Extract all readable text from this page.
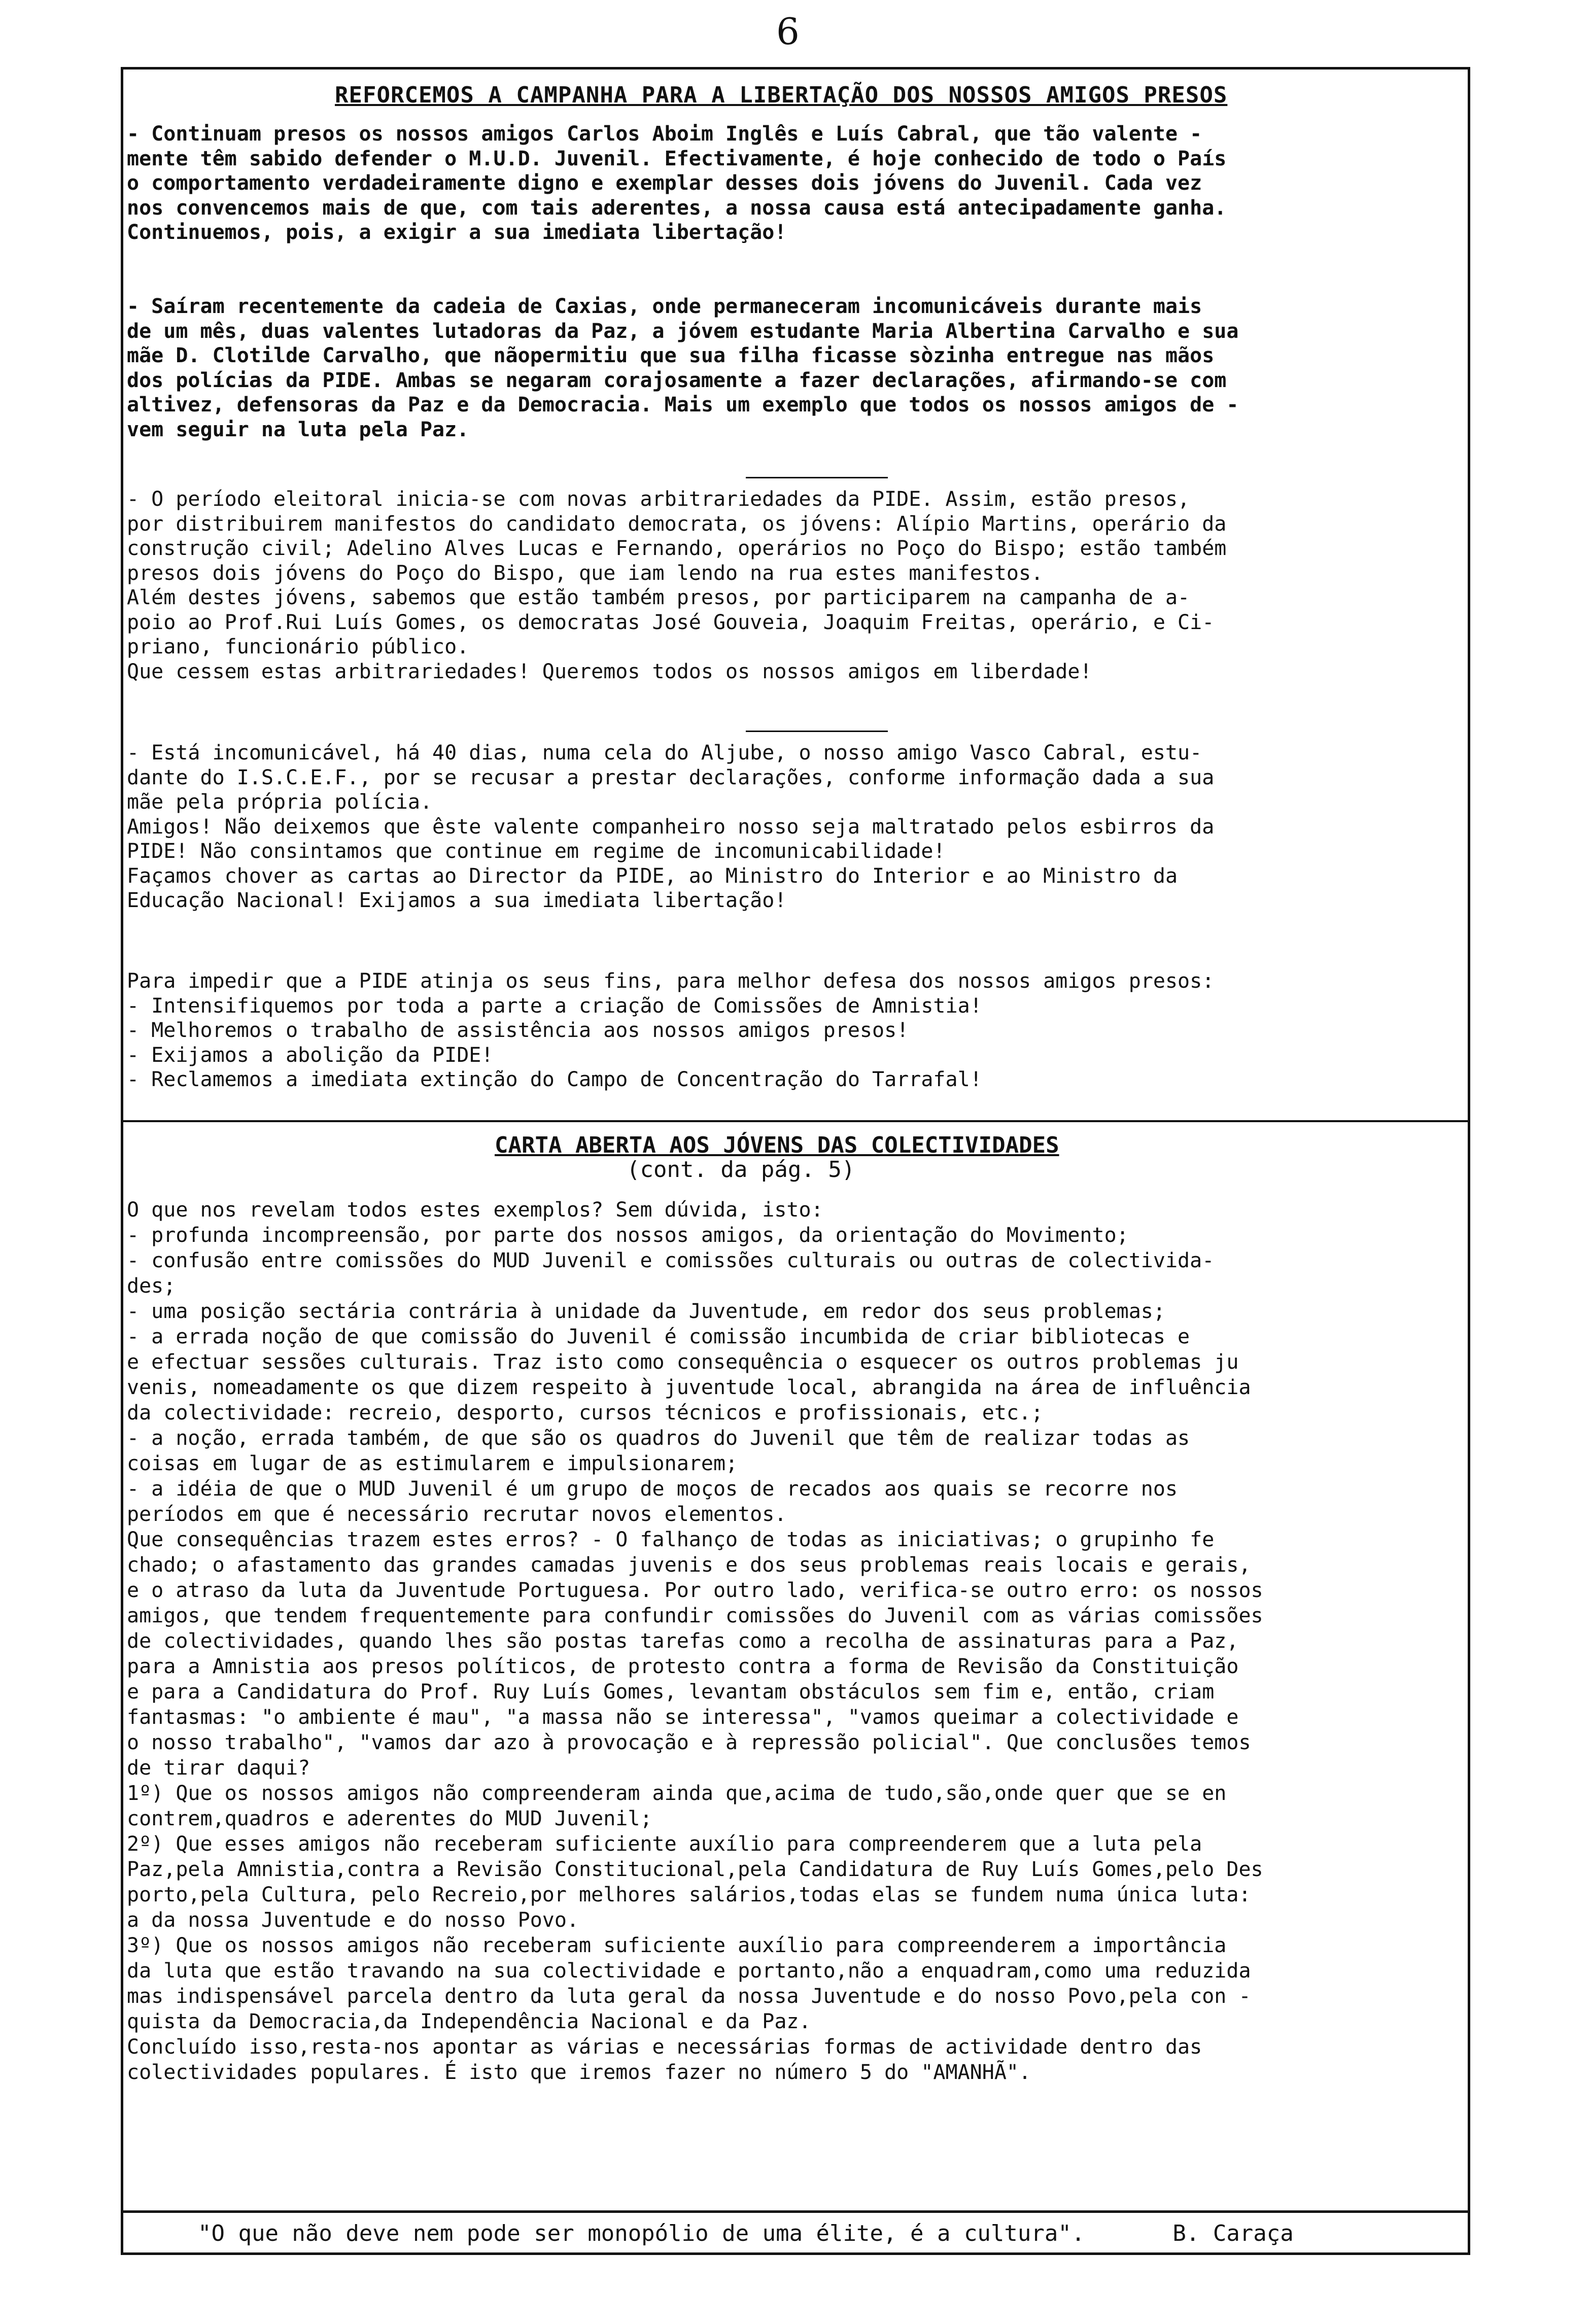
6
REFORCEMOS A CAMPANHA PARA A LIBERTAÇÃO DOS NOSSOS AMIGOS PRESOS

- Continuam presos os nossos amigos Carlos Aboim Inglês e Luís Cabral, que tão valente -

mente têm sabido defender o M.U.D. Juvenil. Efectivamente, é hoje conhecido de todo o País

o comportamento verdadeiramente digno e exemplar desses dois jóvens do Juvenil. Cada vez

nos convencemos mais de que, com tais aderentes, a nossa causa está antecipadamente ganha.

Continuemos, pois, a exigir a sua imediata libertação!

- Saíram recentemente da cadeia de Caxias, onde permaneceram incomunicáveis durante mais

de um mês, duas valentes lutadoras da Paz, a jóvem estudante Maria Albertina Carvalho e sua

mãe D. Clotilde Carvalho, que nãopermitiu que sua filha ficasse sòzinha entregue nas mãos

dos polícias da PIDE. Ambas se negaram corajosamente a fazer declarações, afirmando-se com

altivez, defensoras da Paz e da Democracia. Mais um exemplo que todos os nossos amigos de -

vem seguir na luta pela Paz.

- O período eleitoral inicia-se com novas arbitrariedades da PIDE. Assim, estão presos,

por distribuirem manifestos do candidato democrata, os jóvens: Alípio Martins, operário da

construção civil; Adelino Alves Lucas e Fernando, operários no Poço do Bispo; estão também

presos dois jóvens do Poço do Bispo, que iam lendo na rua estes manifestos.

Além destes jóvens, sabemos que estão também presos, por participarem na campanha de a-

poio ao Prof.Rui Luís Gomes, os democratas José Gouveia, Joaquim Freitas, operário, e Ci-

priano, funcionário público.

Que cessem estas arbitrariedades! Queremos todos os nossos amigos em liberdade!

- Está incomunicável, há 40 dias, numa cela do Aljube, o nosso amigo Vasco Cabral, estu-

dante do I.S.C.E.F., por se recusar a prestar declarações, conforme informação dada a sua

mãe pela própria polícia.

Amigos! Não deixemos que êste valente companheiro nosso seja maltratado pelos esbirros da

PIDE! Não consintamos que continue em regime de incomunicabilidade!

Façamos chover as cartas ao Director da PIDE, ao Ministro do Interior e ao Ministro da

Educação Nacional! Exijamos a sua imediata libertação!

Para impedir que a PIDE atinja os seus fins, para melhor defesa dos nossos amigos presos:

- Intensifiquemos por toda a parte a criação de Comissões de Amnistia!

- Melhoremos o trabalho de assistência aos nossos amigos presos!

- Exijamos a abolição da PIDE!

- Reclamemos a imediata extinção do Campo de Concentração do Tarrafal!

CARTA ABERTA AOS JÓVENS DAS COLECTIVIDADES
(cont. da pág. 5)

O que nos revelam todos estes exemplos? Sem dúvida, isto:

- profunda incompreensão, por parte dos nossos amigos, da orientação do Movimento;

- confusão entre comissões do MUD Juvenil e comissões culturais ou outras de colectivida-

des;

- uma posição sectária contrária à unidade da Juventude, em redor dos seus problemas;

- a errada noção de que comissão do Juvenil é comissão incumbida de criar bibliotecas e

e efectuar sessões culturais. Traz isto como consequência o esquecer os outros problemas ju

venis, nomeadamente os que dizem respeito à juventude local, abrangida na área de influência

da colectividade: recreio, desporto, cursos técnicos e profissionais, etc.;

- a noção, errada também, de que são os quadros do Juvenil que têm de realizar todas as

coisas em lugar de as estimularem e impulsionarem;

- a idéia de que o MUD Juvenil é um grupo de moços de recados aos quais se recorre nos

períodos em que é necessário recrutar novos elementos.

Que consequências trazem estes erros? - O falhanço de todas as iniciativas; o grupinho fe

chado; o afastamento das grandes camadas juvenis e dos seus problemas reais locais e gerais,

e o atraso da luta da Juventude Portuguesa. Por outro lado, verifica-se outro erro: os nossos

amigos, que tendem frequentemente para confundir comissões do Juvenil com as várias comissões

de colectividades, quando lhes são postas tarefas como a recolha de assinaturas para a Paz,

para a Amnistia aos presos políticos, de protesto contra a forma de Revisão da Constituição

e para a Candidatura do Prof. Ruy Luís Gomes, levantam obstáculos sem fim e, então, criam

fantasmas: "o ambiente é mau", "a massa não se interessa", "vamos queimar a colectividade e

o nosso trabalho", "vamos dar azo à provocação e à repressão policial". Que conclusões temos

de tirar daqui?

1º) Que os nossos amigos não compreenderam ainda que,acima de tudo,são,onde quer que se en

contrem,quadros e aderentes do MUD Juvenil;

2º) Que esses amigos não receberam suficiente auxílio para compreenderem que a luta pela

Paz,pela Amnistia,contra a Revisão Constitucional,pela Candidatura de Ruy Luís Gomes,pelo Des

porto,pela Cultura, pelo Recreio,por melhores salários,todas elas se fundem numa única luta:

a da nossa Juventude e do nosso Povo.

3º) Que os nossos amigos não receberam suficiente auxílio para compreenderem a importância

da luta que estão travando na sua colectividade e portanto,não a enquadram,como uma reduzida

mas indispensável parcela dentro da luta geral da nossa Juventude e do nosso Povo,pela con -

quista da Democracia,da Independência Nacional e da Paz.

Concluído isso,resta-nos apontar as várias e necessárias formas de actividade dentro das

colectividades populares. É isto que iremos fazer no número 5 do "AMANHÃ".

"O que não deve nem pode ser monopólio de uma élite, é a cultura".	B. Caraça
